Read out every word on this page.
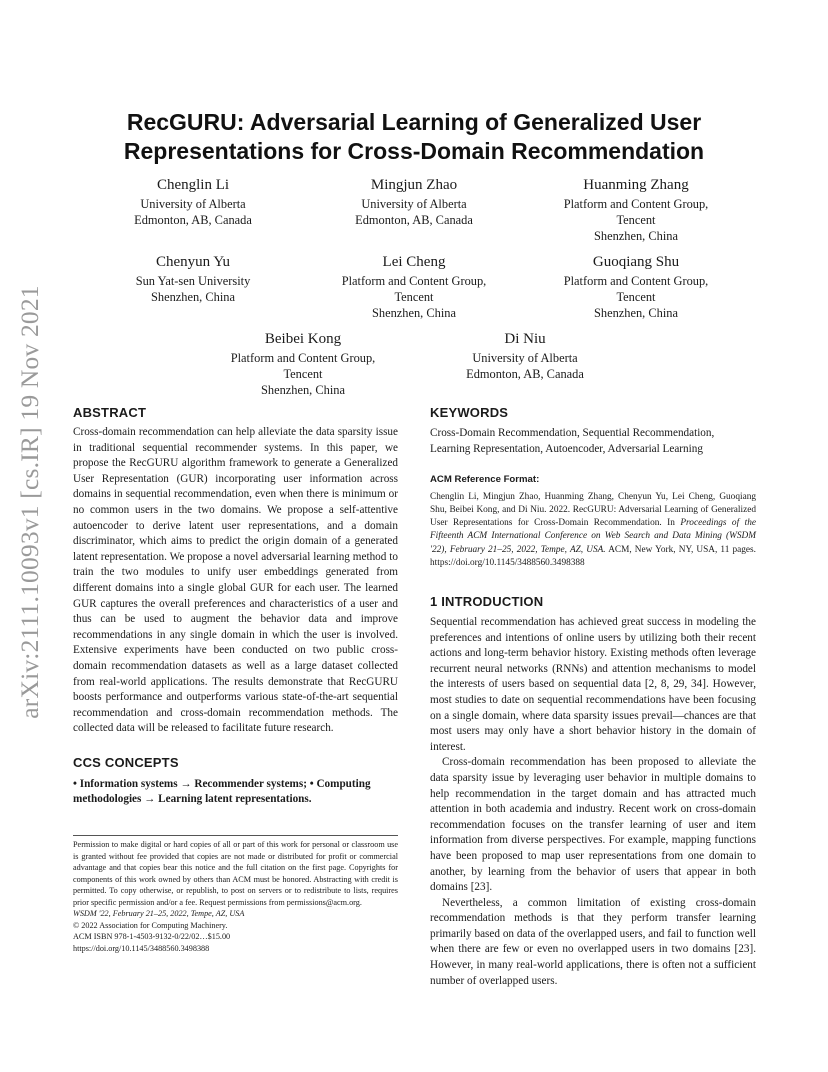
arXiv:2111.10093v1 [cs.IR] 19 Nov 2021
RecGURU: Adversarial Learning of Generalized User Representations for Cross-Domain Recommendation
Chenglin Li
University of Alberta
Edmonton, AB, Canada
Mingjun Zhao
University of Alberta
Edmonton, AB, Canada
Huanming Zhang
Platform and Content Group,
Tencent
Shenzhen, China
Chenyun Yu
Sun Yat-sen University
Shenzhen, China
Lei Cheng
Platform and Content Group,
Tencent
Shenzhen, China
Guoqiang Shu
Platform and Content Group,
Tencent
Shenzhen, China
Beibei Kong
Platform and Content Group,
Tencent
Shenzhen, China
Di Niu
University of Alberta
Edmonton, AB, Canada
ABSTRACT

Cross-domain recommendation can help alleviate the data sparsity issue in traditional sequential recommender systems. In this paper, we propose the RecGURU algorithm framework to generate a Generalized User Representation (GUR) incorporating user information across domains in sequential recommendation, even when there is minimum or no common users in the two domains. We propose a self-attentive autoencoder to derive latent user representations, and a domain discriminator, which aims to predict the origin domain of a generated latent representation. We propose a novel adversarial learning method to train the two modules to unify user embeddings generated from different domains into a single global GUR for each user. The learned GUR captures the overall preferences and characteristics of a user and thus can be used to augment the behavior data and improve recommendations in any single domain in which the user is involved. Extensive experiments have been conducted on two public cross-domain recommendation datasets as well as a large dataset collected from real-world applications. The results demonstrate that RecGURU boosts performance and outperforms various state-of-the-art sequential recommendation and cross-domain recommendation methods. The collected data will be released to facilitate future research.

CCS CONCEPTS

• Information systems → Recommender systems; • Computing methodologies → Learning latent representations.

Permission to make digital or hard copies of all or part of this work for personal or classroom use is granted without fee provided that copies are not made or distributed for profit or commercial advantage and that copies bear this notice and the full citation on the first page. Copyrights for components of this work owned by others than ACM must be honored. Abstracting with credit is permitted. To copy otherwise, or republish, to post on servers or to redistribute to lists, requires prior specific permission and/or a fee. Request permissions from permissions@acm.org.

WSDM '22, February 21–25, 2022, Tempe, AZ, USA

© 2022 Association for Computing Machinery.

ACM ISBN 978-1-4503-9132-0/22/02…$15.00

https://doi.org/10.1145/3488560.3498388

KEYWORDS

Cross-Domain Recommendation, Sequential Recommendation, Learning Representation, Autoencoder, Adversarial Learning

ACM Reference Format:

Chenglin Li, Mingjun Zhao, Huanming Zhang, Chenyun Yu, Lei Cheng, Guoqiang Shu, Beibei Kong, and Di Niu. 2022. RecGURU: Adversarial Learning of Generalized User Representations for Cross-Domain Recommendation. In Proceedings of the Fifteenth ACM International Conference on Web Search and Data Mining (WSDM '22), February 21–25, 2022, Tempe, AZ, USA. ACM, New York, NY, USA, 11 pages. https://doi.org/10.1145/3488560.3498388

1 INTRODUCTION

Sequential recommendation has achieved great success in modeling the preferences and intentions of online users by utilizing both their recent actions and long-term behavior history. Existing methods often leverage recurrent neural networks (RNNs) and attention mechanisms to model the interests of users based on sequential data [2, 8, 29, 34]. However, most studies to date on sequential recommendations have been focusing on a single domain, where data sparsity issues prevail—chances are that most users may only have a short behavior history in the domain of interest.

Cross-domain recommendation has been proposed to alleviate the data sparsity issue by leveraging user behavior in multiple domains to help recommendation in the target domain and has attracted much attention in both academia and industry. Recent work on cross-domain recommendation focuses on the transfer learning of user and item information from diverse perspectives. For example, mapping functions have been proposed to map user representations from one domain to another, by learning from the behavior of users that appear in both domains [23].

Nevertheless, a common limitation of existing cross-domain recommendation methods is that they perform transfer learning primarily based on data of the overlapped users, and fail to function well when there are few or even no overlapped users in two domains [23]. However, in many real-world applications, there is often not a sufficient number of overlapped users.
